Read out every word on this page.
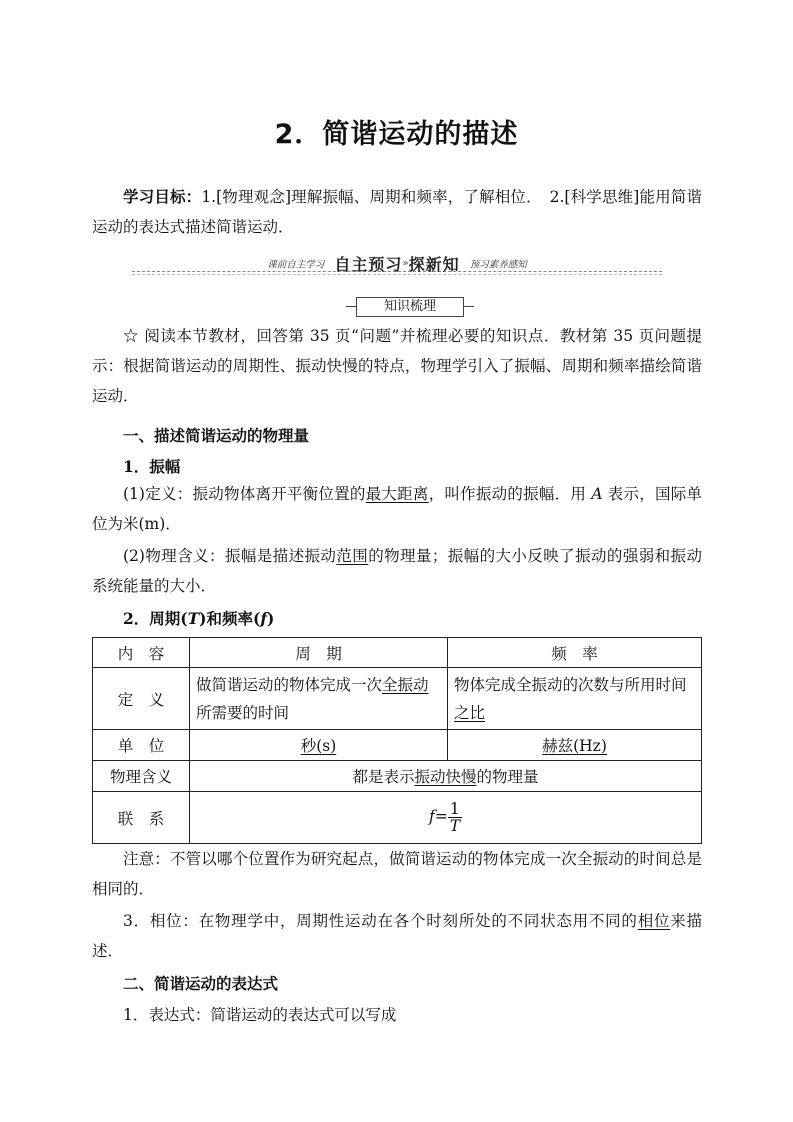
2．简谐运动的描述
学习目标：1.[物理观念]理解振幅、周期和频率，了解相位．　2.[科学思维]能用简谐运动的表达式描述简谐运动．
课前自主学习 自主预习»探新知 预习素养感知
知识梳理
☆ 阅读本节教材，回答第 35 页“问题”并梳理必要的知识点．教材第 35 页问题提示：根据简谐运动的周期性、振动快慢的特点，物理学引入了振幅、周期和频率描绘简谐运动．
一、描述简谐运动的物理量
1．振幅
(1)定义：振动物体离开平衡位置的最大距离，叫作振动的振幅．用 A 表示，国际单位为米(m)．
(2)物理含义：振幅是描述振动范围的物理量；振幅的大小反映了振动的强弱和振动系统能量的大小．
2．周期(T)和频率(f)
内　容	周　期	频　率
定　义	做简谐运动的物体完成一次全振动所需要的时间	物体完成全振动的次数与所用时间之比
单　位	秒(s)	赫兹(Hz)
物理含义	都是表示振动快慢的物理量	
联　系	$f= \frac{1}{T}$
注意：不管以哪个位置作为研究起点，做简谐运动的物体完成一次全振动的时间总是相同的．
3．相位：在物理学中，周期性运动在各个时刻所处的不同状态用不同的相位来描述．
二、简谐运动的表达式
1．表达式：简谐运动的表达式可以写成
